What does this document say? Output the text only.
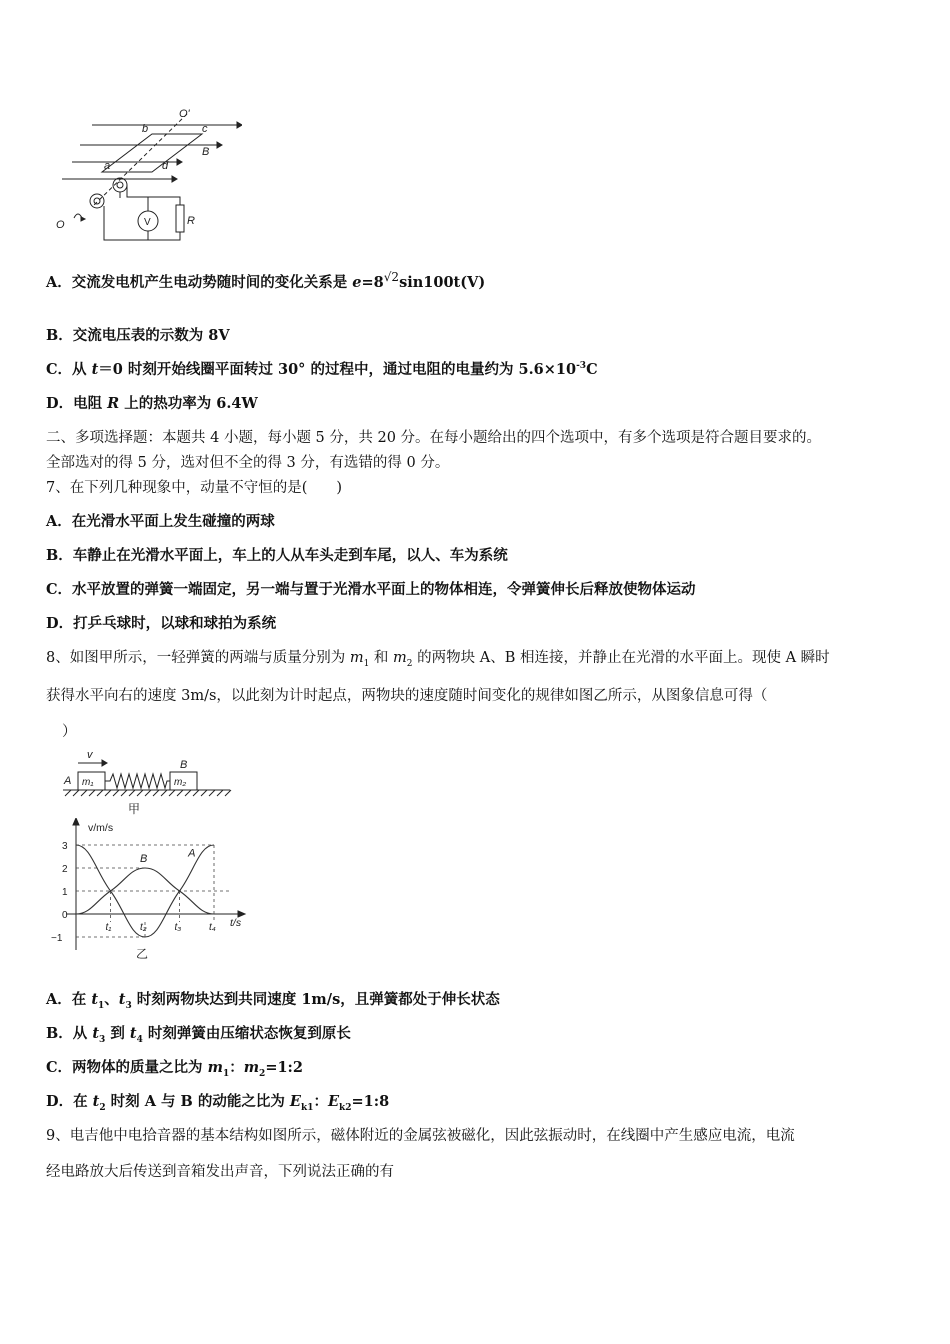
O'
b	c
B
a	d
O	V	R
A．交流发电机产生电动势随时间的变化关系是 $e=8^{√2}\sin 100t(V)$
B．交流电压表的示数为 8V
C．从 t＝0 时刻开始线圈平面转过 30° 的过程中，通过电阻的电量约为 $5.6\times 10^{-3}C$
D．电阻 R 上的热功率为 6.4W
二、多项选择题：本题共 4 小题，每小题 5 分，共 20 分。在每小题给出的四个选项中，有多个选项是符合题目要求的。
全部选对的得 5 分，选对但不全的得 3 分，有选错的得 0 分。
7、在下列几种现象中，动量不守恒的是(　　)
A．在光滑水平面上发生碰撞的两球
B．车静止在光滑水平面上，车上的人从车头走到车尾，以人、车为系统
C．水平放置的弹簧一端固定，另一端与置于光滑水平面上的物体相连，令弹簧伸长后释放使物体运动
D．打乒乓球时，以球和球拍为系统
8、如图甲所示，一轻弹簧的两端与质量分别为 $m_1$ 和 $m_2$ 的两物块 A、B 相连接，并静止在光滑的水平面上。现使 A 瞬时
获得水平向右的速度 3m/s，以此刻为计时起点，两物块的速度随时间变化的规律如图乙所示，从图象信息可得（
）
v
A m₁
B
m₂
甲
3
2
1
0
−1
t₁	t₂	t₃	t₄
A
B
v/m/s
t/s
乙
A．在 $t_1$、$t_3$ 时刻两物块达到共同速度 1m/s，且弹簧都处于伸长状态
B．从 $t_3$ 到 $t_4$ 时刻弹簧由压缩状态恢复到原长
C．两物体的质量之比为 $m_1$：$m_2=1:2$
D．在 $t_2$ 时刻 A 与 B 的动能之比为 $E_{k1}$：$E_{k2}=1:8$
9、电吉他中电拾音器的基本结构如图所示，磁体附近的金属弦被磁化，因此弦振动时，在线圈中产生感应电流，电流
经电路放大后传送到音箱发出声音，下列说法正确的有
